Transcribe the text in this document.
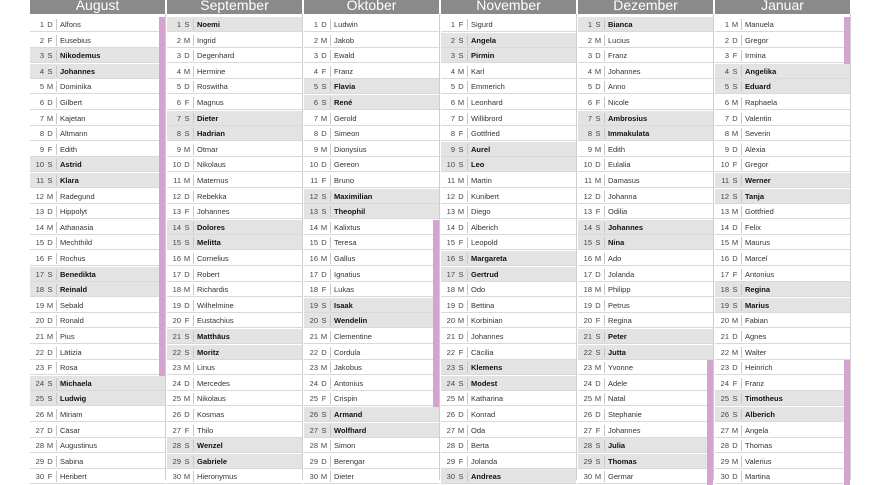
August
1 D Alfons
2 F Eusebius
3 S Nikodemus
4 S Johannes
5 M Dominika
6 D Gilbert
7 M Kajetan
8 D Altmann
9 F Edith
10 S Astrid
11 S Klara
12 M Radegund
13 D Hippolyt
14 M Athanasia
15 D Mechthild
16 F Rochus
17 S Benedikta
18 S Reinald
19 M Sebald
20 D Ronald
21 M Pius
22 D Lätizia
23 F Rosa
24 S Michaela
25 S Ludwig
26 M Miriam
27 D Cäsar
28 M Augustinus
29 D Sabina
30 F Heribert
September
1 S Noemi
2 M Ingrid
3 D Degenhard
4 M Hermine
5 D Roswitha
6 F Magnus
7 S Dieter
8 S Hadrian
9 M Otmar
10 D Nikolaus
11 M Maternus
12 D Rebekka
13 F Johannes
14 S Dolores
15 S Melitta
16 M Cornelius
17 D Robert
18 M Richardis
19 D Wilhelmine
20 F Eustachius
21 S Matthäus
22 S Moritz
23 M Linus
24 D Mercedes
25 M Nikolaus
26 D Kosmas
27 F Thilo
28 S Wenzel
29 S Gabriele
30 M Hieronymus
Oktober
1 D Ludwin
2 M Jakob
3 D Ewald
4 F Franz
5 S Flavia
6 S René
7 M Gerold
8 D Simeon
9 M Dionysius
10 D Gereon
11 F Bruno
12 S Maximilian
13 S Theophil
14 M Kalixtus
15 D Teresa
16 M Gallus
17 D Ignatius
18 F Lukas
19 S Isaak
20 S Wendelin
21 M Clementine
22 D Cordula
23 M Jakobus
24 D Antonius
25 F Crispin
26 S Armand
27 S Wolfhard
28 M Simon
29 D Berengar
30 M Dieter
November
1 F Sigurd
2 S Angela
3 S Pirmin
4 M Karl
5 D Emmerich
6 M Leonhard
7 D Willibrord
8 F Gottfried
9 S Aurel
10 S Leo
11 M Martin
12 D Kunibert
13 M Diego
14 D Alberich
15 F Leopold
16 S Margareta
17 S Gertrud
18 M Odo
19 D Bettina
20 M Korbinian
21 D Johannes
22 F Cäcilia
23 S Klemens
24 S Modest
25 M Katharina
26 D Konrad
27 M Oda
28 D Berta
29 F Jolanda
30 S Andreas
Dezember
1 S Bianca
2 M Lucius
3 D Franz
4 M Johannes
5 D Anno
6 F Nicole
7 S Ambrosius
8 S Immakulata
9 M Edith
10 D Eulalia
11 M Damasus
12 D Johanna
13 F Odilia
14 S Johannes
15 S Nina
16 M Ado
17 D Jolanda
18 M Philipp
19 D Petrus
20 F Regina
21 S Peter
22 S Jutta
23 M Yvonne
24 D Adele
25 M Natal
26 D Stephanie
27 F Johannes
28 S Julia
29 S Thomas
30 M Germar
Januar
1 M Manuela
2 D Gregor
3 F Irmina
4 S Angelika
5 S Eduard
6 M Raphaela
7 D Valentin
8 M Severin
9 D Alexia
10 F Gregor
11 S Werner
12 S Tanja
13 M Gottfried
14 D Felix
15 M Maurus
16 D Marcel
17 F Antonius
18 S Regina
19 S Marius
20 M Fabian
21 D Agnes
22 M Walter
23 D Heinrich
24 F Franz
25 S Timotheus
26 S Alberich
27 M Angela
28 D Thomas
29 M Valerius
30 D Martina
